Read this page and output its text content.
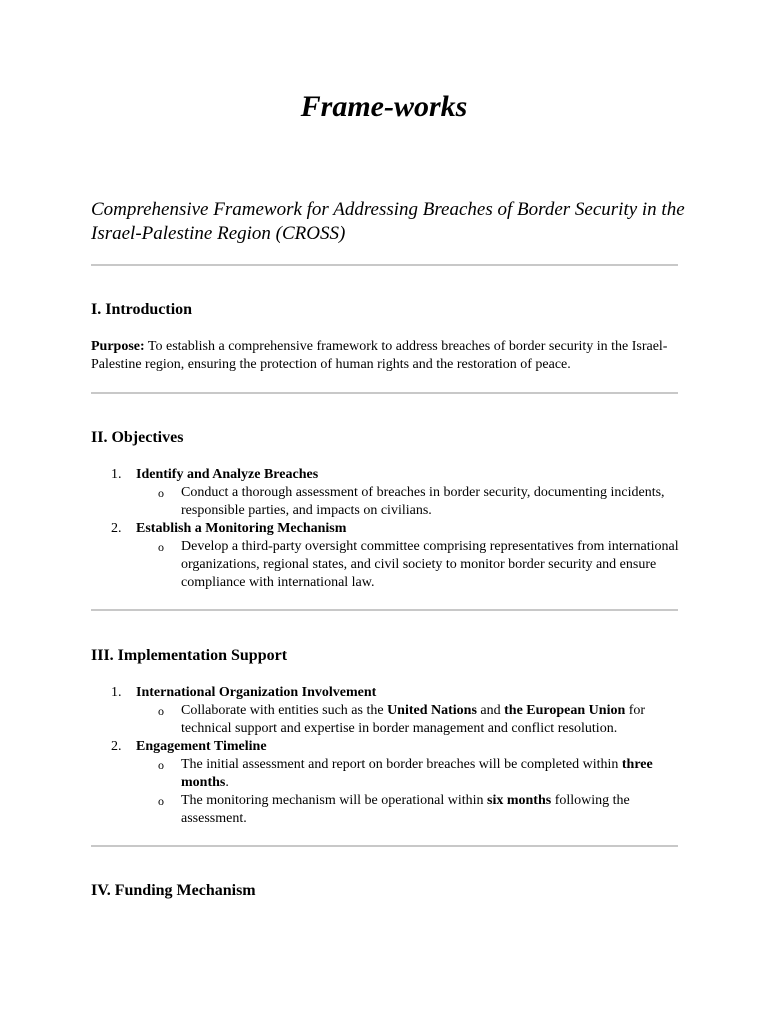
Frame-works

Comprehensive Framework for Addressing Breaches of Border Security in the Israel-Palestine Region (CROSS)

I. Introduction

Purpose: To establish a comprehensive framework to address breaches of border security in the Israel-Palestine region, ensuring the protection of human rights and the restoration of peace.

II. Objectives
1. Identify and Analyze Breaches
o Conduct a thorough assessment of breaches in border security, documenting incidents, responsible parties, and impacts on civilians.
2. Establish a Monitoring Mechanism
o Develop a third-party oversight committee comprising representatives from international organizations, regional states, and civil society to monitor border security and ensure compliance with international law.
III. Implementation Support
1. International Organization Involvement
o Collaborate with entities such as the United Nations and the European Union for technical support and expertise in border management and conflict resolution.
2. Engagement Timeline
o The initial assessment and report on border breaches will be completed within three months.
o The monitoring mechanism will be operational within six months following the assessment.
IV. Funding Mechanism
